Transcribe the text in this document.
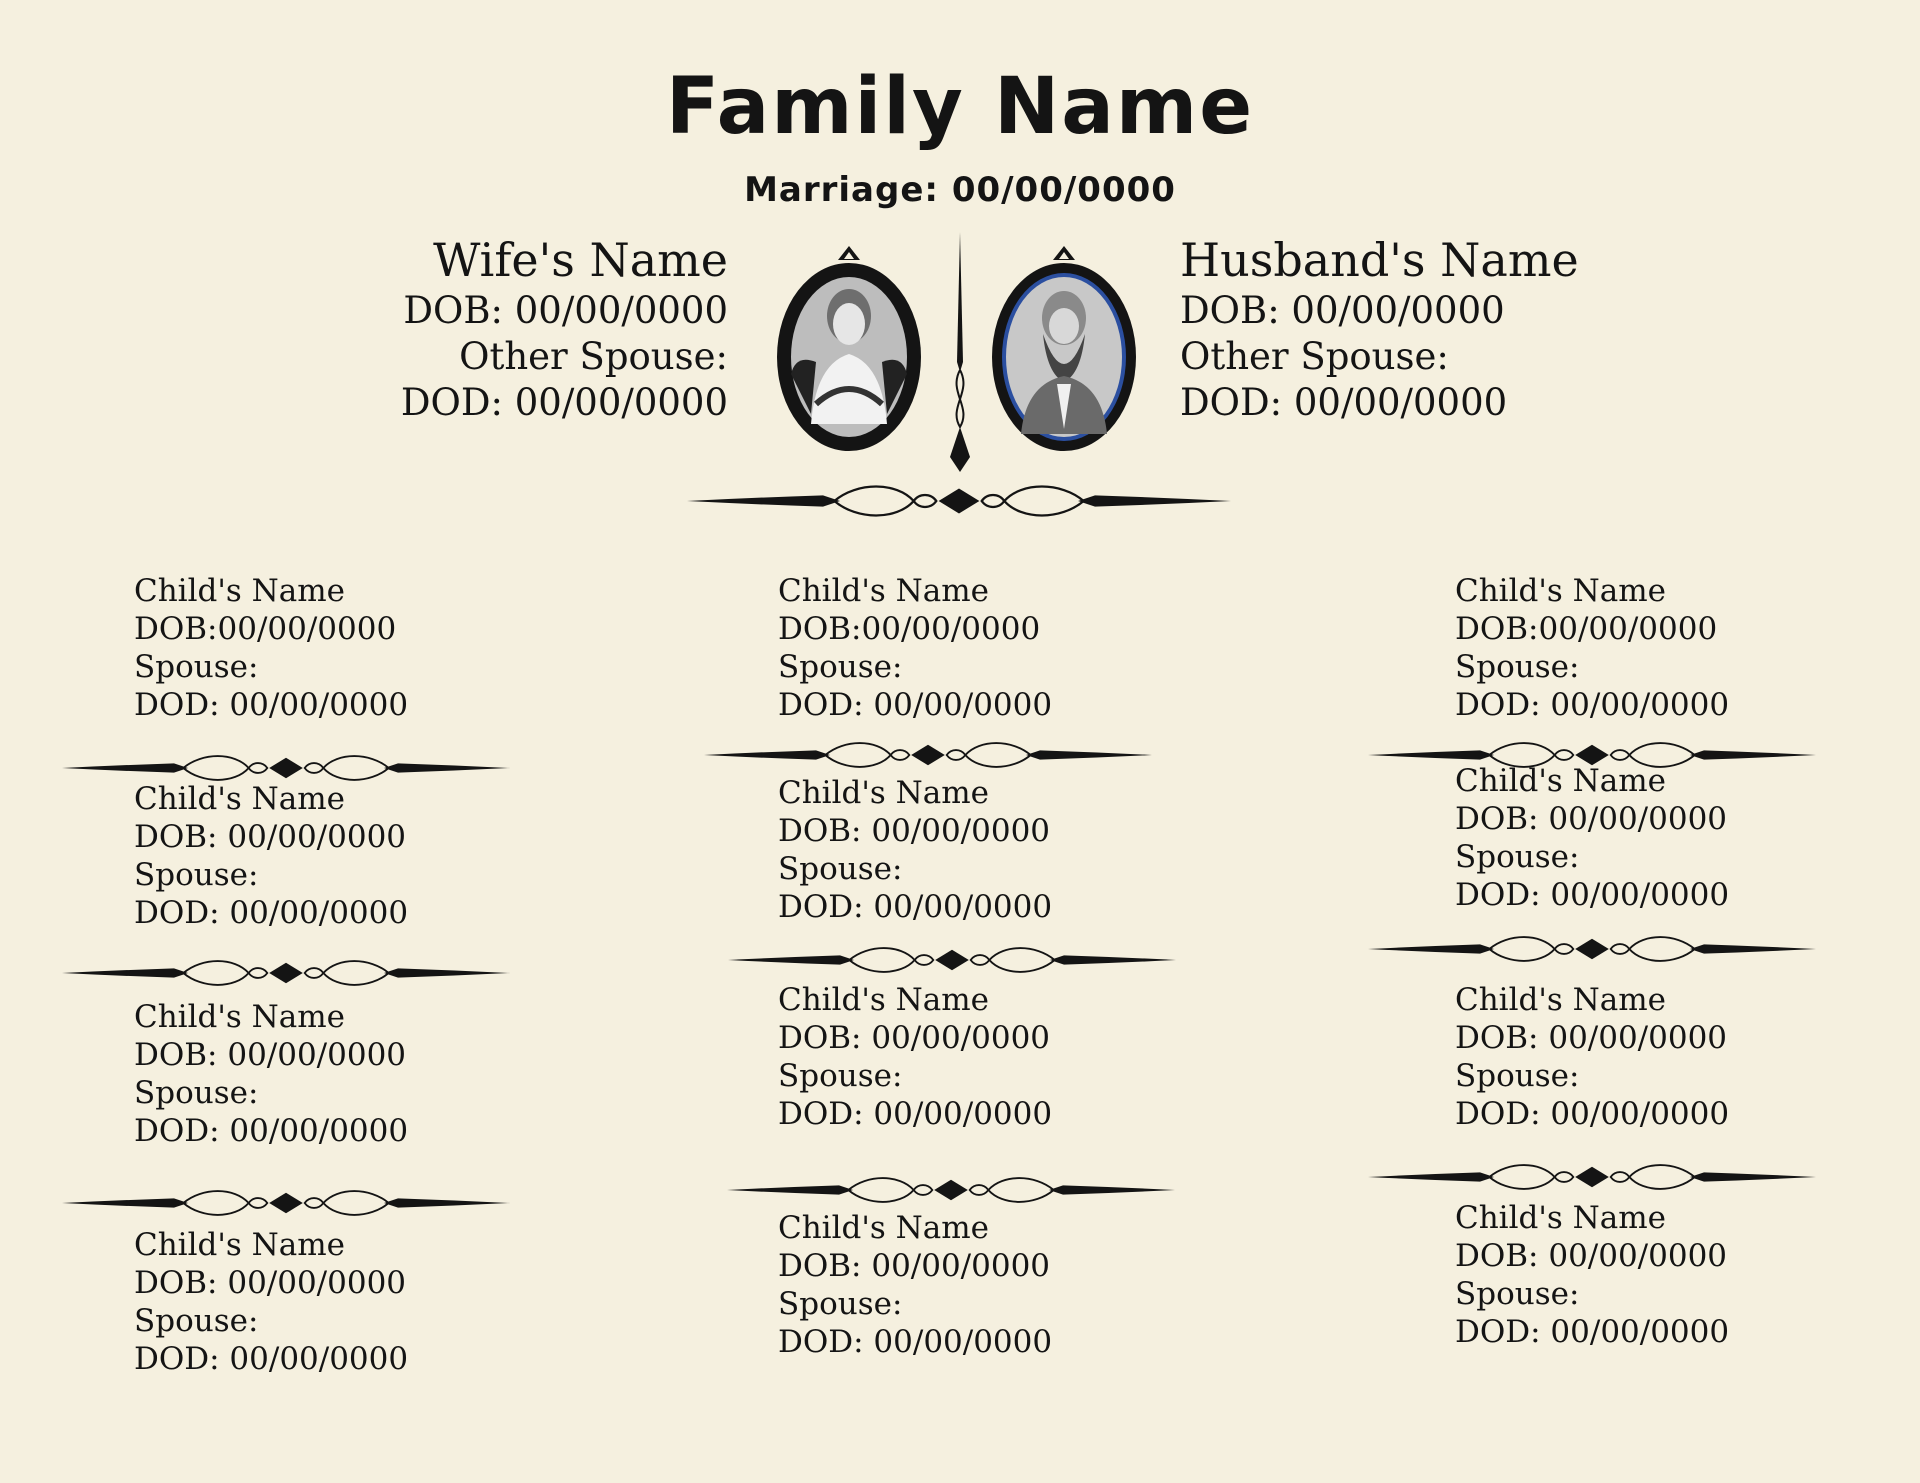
Family Name
Marriage: 00/00/0000
Wife's Name
DOB: 00/00/0000
Other Spouse:
DOD: 00/00/0000
Husband's Name
DOB: 00/00/0000
Other Spouse:
DOD: 00/00/0000
Child's Name
DOB:00/00/0000
Spouse:
DOD: 00/00/0000
Child's Name
DOB: 00/00/0000
Spouse:
DOD: 00/00/0000
Child's Name
DOB: 00/00/0000
Spouse:
DOD: 00/00/0000
Child's Name
DOB: 00/00/0000
Spouse:
DOD: 00/00/0000
Child's Name
DOB:00/00/0000
Spouse:
DOD: 00/00/0000
Child's Name
DOB: 00/00/0000
Spouse:
DOD: 00/00/0000
Child's Name
DOB: 00/00/0000
Spouse:
DOD: 00/00/0000
Child's Name
DOB: 00/00/0000
Spouse:
DOD: 00/00/0000
Child's Name
DOB:00/00/0000
Spouse:
DOD: 00/00/0000
Child's Name
DOB: 00/00/0000
Spouse:
DOD: 00/00/0000
Child's Name
DOB: 00/00/0000
Spouse:
DOD: 00/00/0000
Child's Name
DOB: 00/00/0000
Spouse:
DOD: 00/00/0000
